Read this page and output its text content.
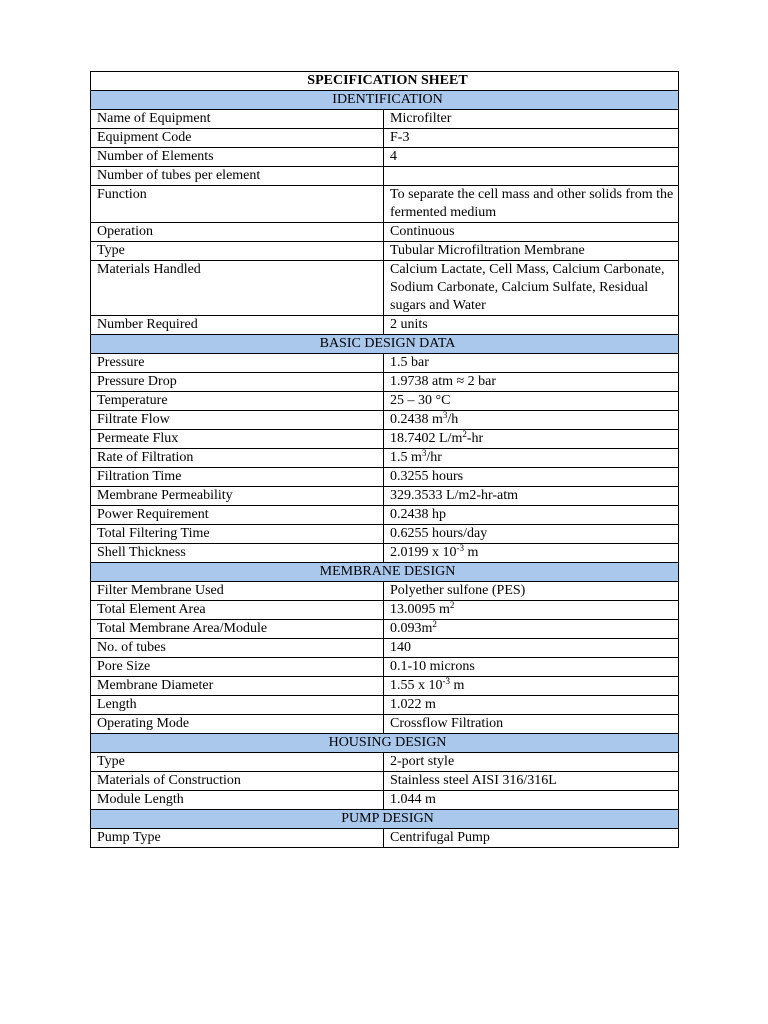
SPECIFICATION SHEET	
IDENTIFICATION	
Name of Equipment	Microfilter
Equipment Code	F-3
Number of Elements	4
Number of tubes per element	
Function	To separate the cell mass and other solids from the fermented medium
Operation	Continuous
Type	Tubular Microfiltration Membrane
Materials Handled	Calcium Lactate, Cell Mass, Calcium Carbonate, Sodium Carbonate, Calcium Sulfate, Residual sugars and Water
Number Required	2 units
BASIC DESIGN DATA	
Pressure	1.5 bar
Pressure Drop	1.9738 atm ≈ 2 bar
Temperature	25 – 30 °C
Filtrate Flow	0.2438 $m^3/h$
Permeate Flux	18.7402 $L/m^2-hr$
Rate of Filtration	1.5 $m^3/hr$
Filtration Time	0.3255 hours
Membrane Permeability	329.3533 L/m2-hr-atm
Power Requirement	0.2438 hp
Total Filtering Time	0.6255 hours/day
Shell Thickness	2.0199 x $10^{-3}$ m
MEMBRANE DESIGN	
Filter Membrane Used	Polyether sulfone (PES)
Total Element Area	13.0095 $m^2$
Total Membrane Area/Module	$0.093m^2$
No. of tubes	140
Pore Size	0.1-10 microns
Membrane Diameter	1.55 x $10^{-3}$ m
Length	1.022 m
Operating Mode	Crossflow Filtration
HOUSING DESIGN	
Type	2-port style
Materials of Construction	Stainless steel AISI 316/316L
Module Length	1.044 m
PUMP DESIGN	
Pump Type	Centrifugal Pump
